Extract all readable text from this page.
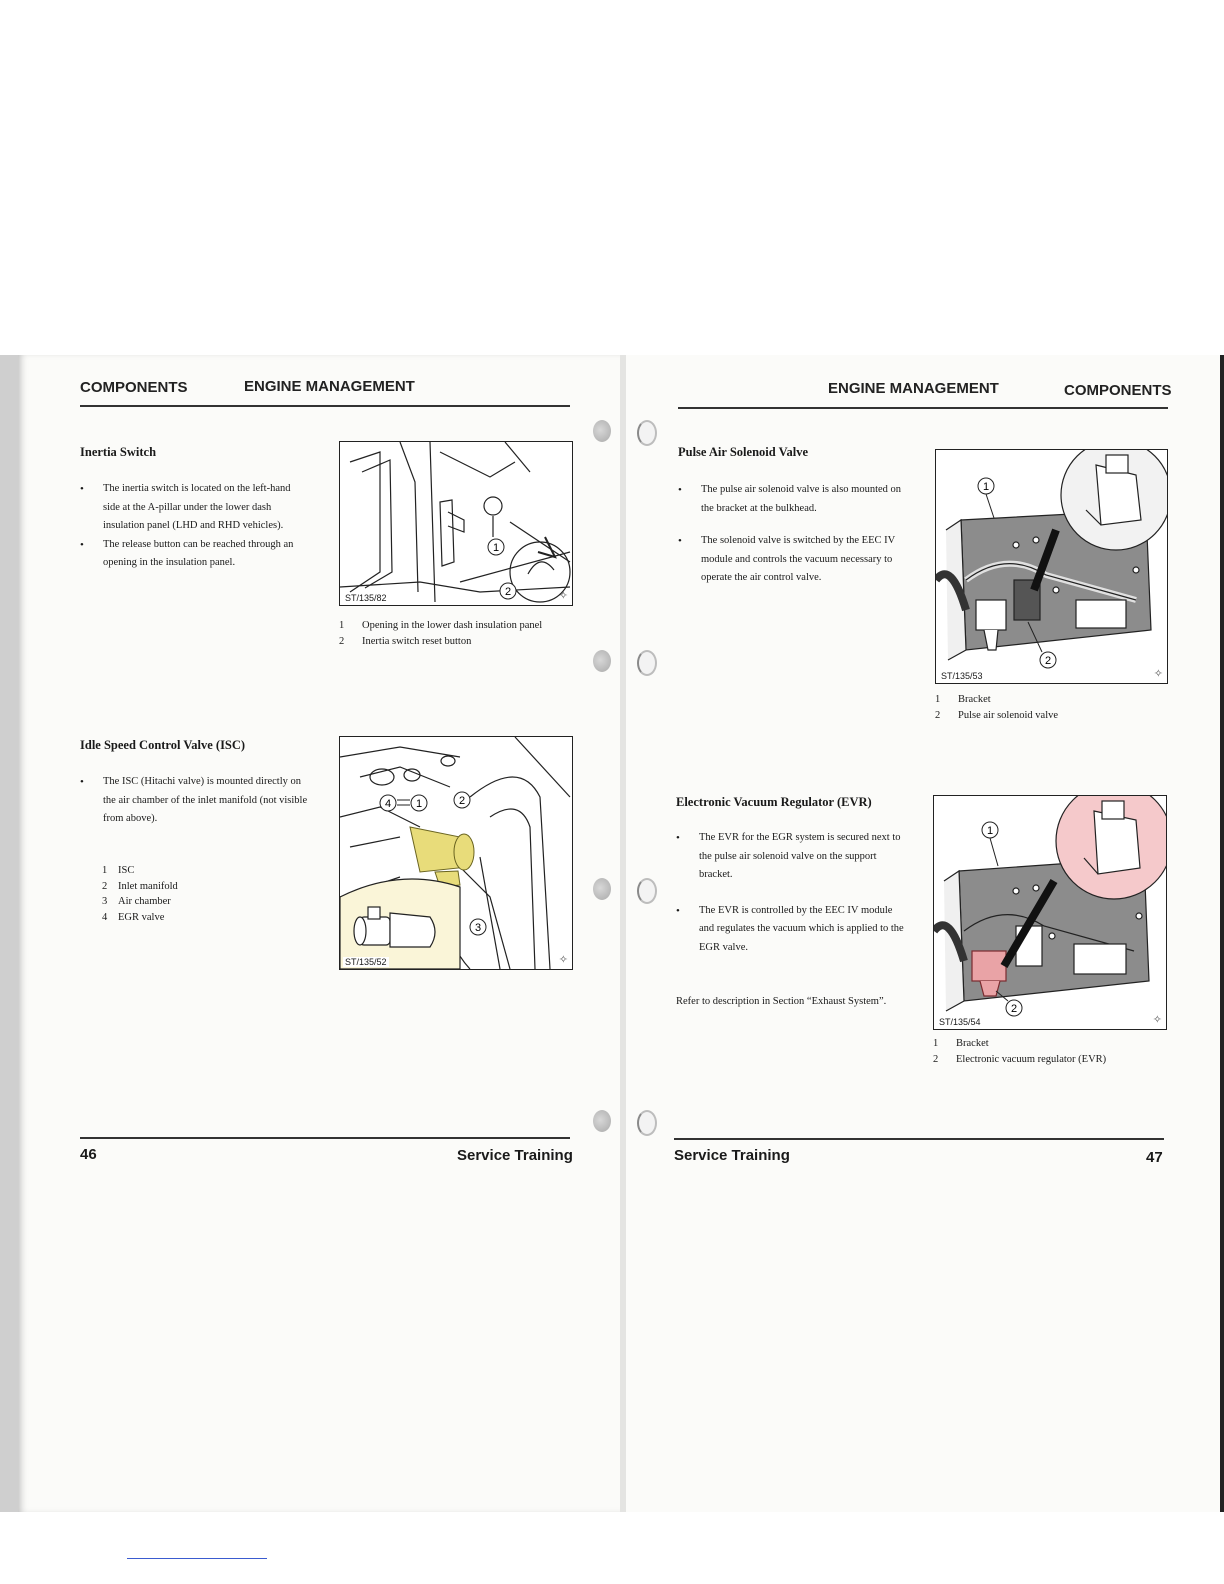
COMPONENTS	ENGINE MANAGEMENT
Inertia Switch
• The inertia switch is located on the left-hand side at the A-pillar under the lower dash insulation panel (LHD and RHD vehicles).
• The release button can be reached through an opening in the insulation panel.
1
2
ST/135/82	✧
1	Opening in the lower dash insulation panel
2	Inertia switch reset button
Idle Speed Control Valve (ISC)
• The ISC (Hitachi valve) is mounted directly on the air chamber of the inlet manifold (not visible from above).
1	ISC
2	Inlet manifold
3	Air chamber
4	EGR valve
4 1	2
3
ST/135/52	✧
46	Service Training
ENGINE MANAGEMENT	COMPONENTS
Pulse Air Solenoid Valve
• The pulse air solenoid valve is also mounted on the bracket at the bulkhead.
• The solenoid valve is switched by the EEC IV module and controls the vacuum necessary to operate the air control valve.
1
2
ST/135/53	✧
1	Bracket
2	Pulse air solenoid valve
Electronic Vacuum Regulator (EVR)
• The EVR for the EGR system is secured next to the pulse air solenoid valve on the support bracket.
• The EVR is controlled by the EEC IV module and regulates the vacuum which is applied to the EGR valve.
Refer to description in Section “Exhaust System”.
1
2
ST/135/54	✧
1	Bracket
2	Electronic vacuum regulator (EVR)
Service Training	47
